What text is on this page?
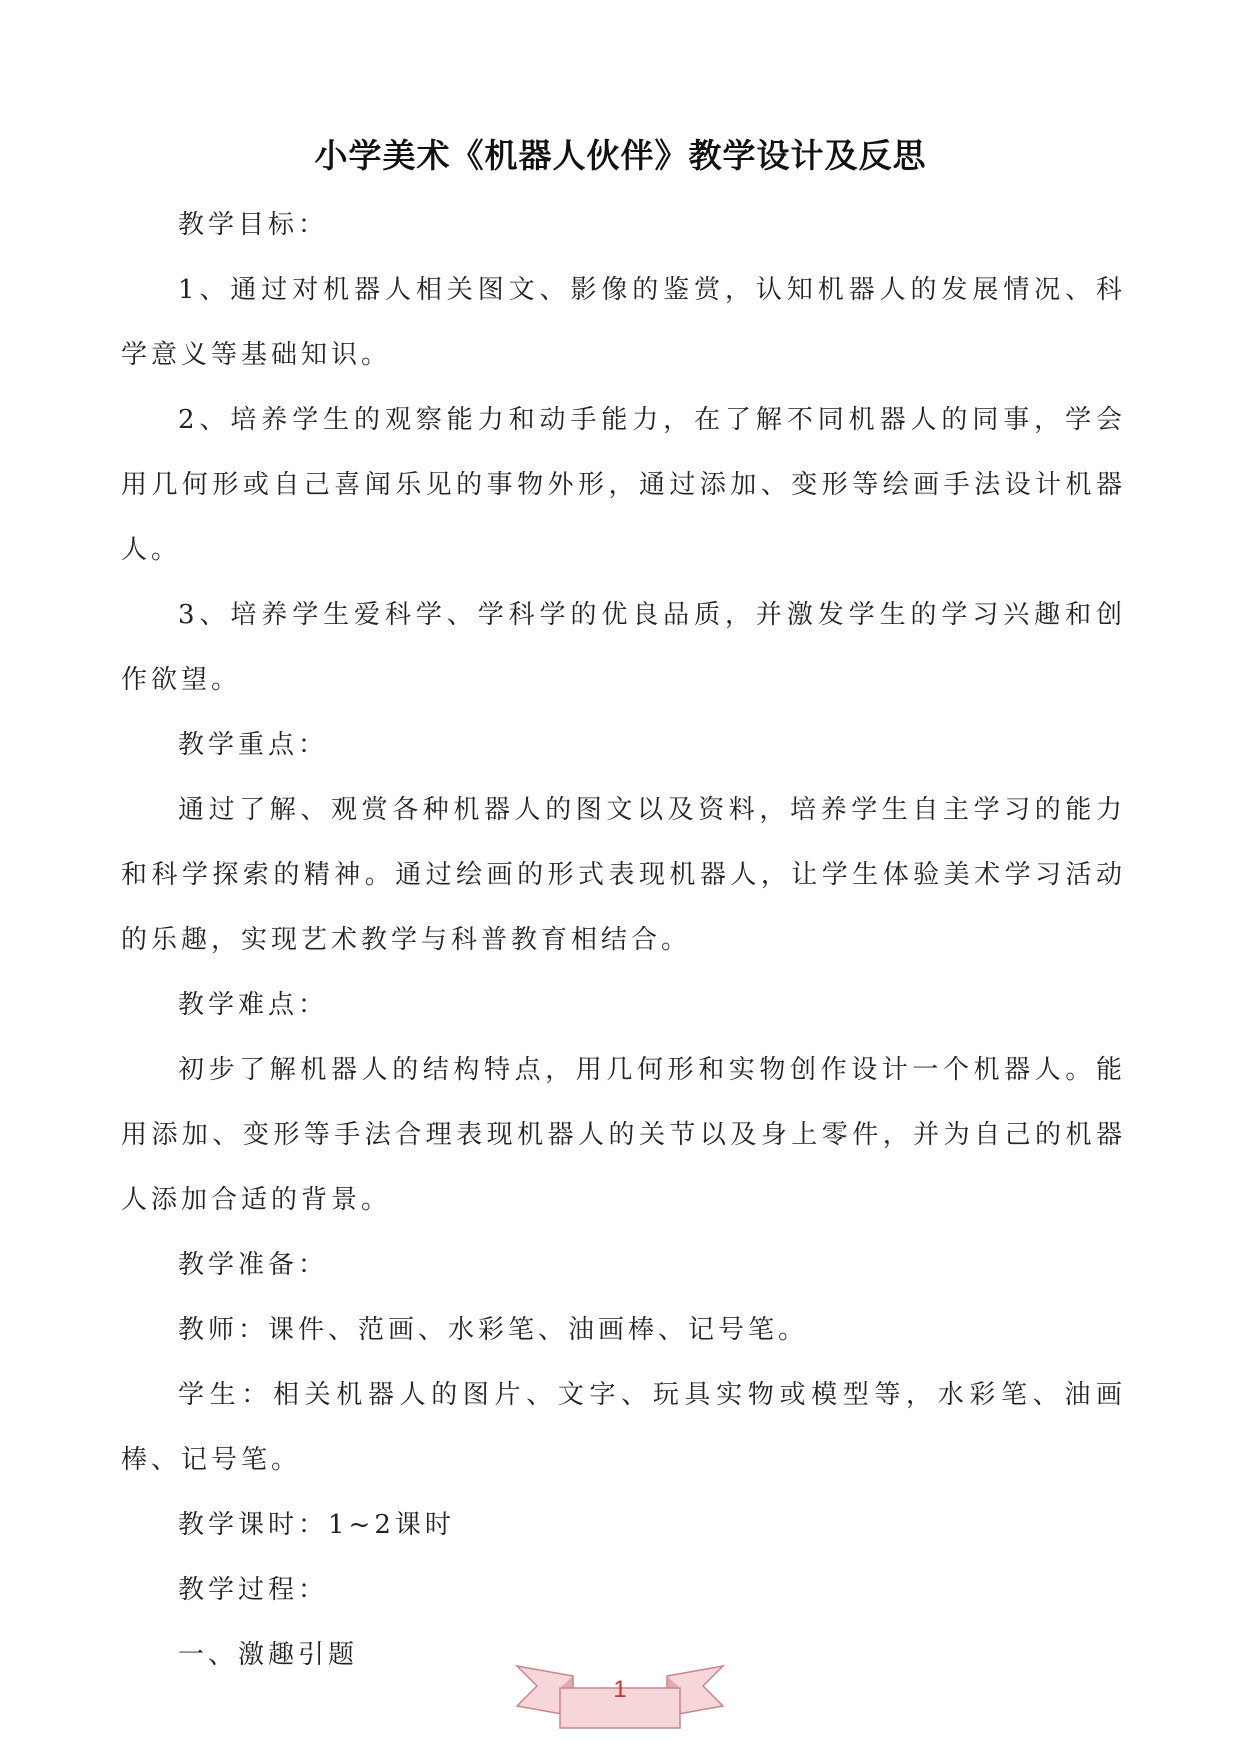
小学美术《机器人伙伴》教学设计及反思

教学目标：

1、通过对机器人相关图文、影像的鉴赏，认知机器人的发展情况、科学意义等基础知识。

2、培养学生的观察能力和动手能力，在了解不同机器人的同事，学会用几何形或自己喜闻乐见的事物外形，通过添加、变形等绘画手法设计机器人。

3、培养学生爱科学、学科学的优良品质，并激发学生的学习兴趣和创作欲望。

教学重点：

通过了解、观赏各种机器人的图文以及资料，培养学生自主学习的能力和科学探索的精神。通过绘画的形式表现机器人，让学生体验美术学习活动的乐趣，实现艺术教学与科普教育相结合。

教学难点：

初步了解机器人的结构特点，用几何形和实物创作设计一个机器人。能用添加、变形等手法合理表现机器人的关节以及身上零件，并为自己的机器人添加合适的背景。

教学准备：

教师：课件、范画、水彩笔、油画棒、记号笔。

学生：相关机器人的图片、文字、玩具实物或模型等，水彩笔、油画棒、记号笔。

教学课时：1~2课时

教学过程：

一、激趣引题

1
